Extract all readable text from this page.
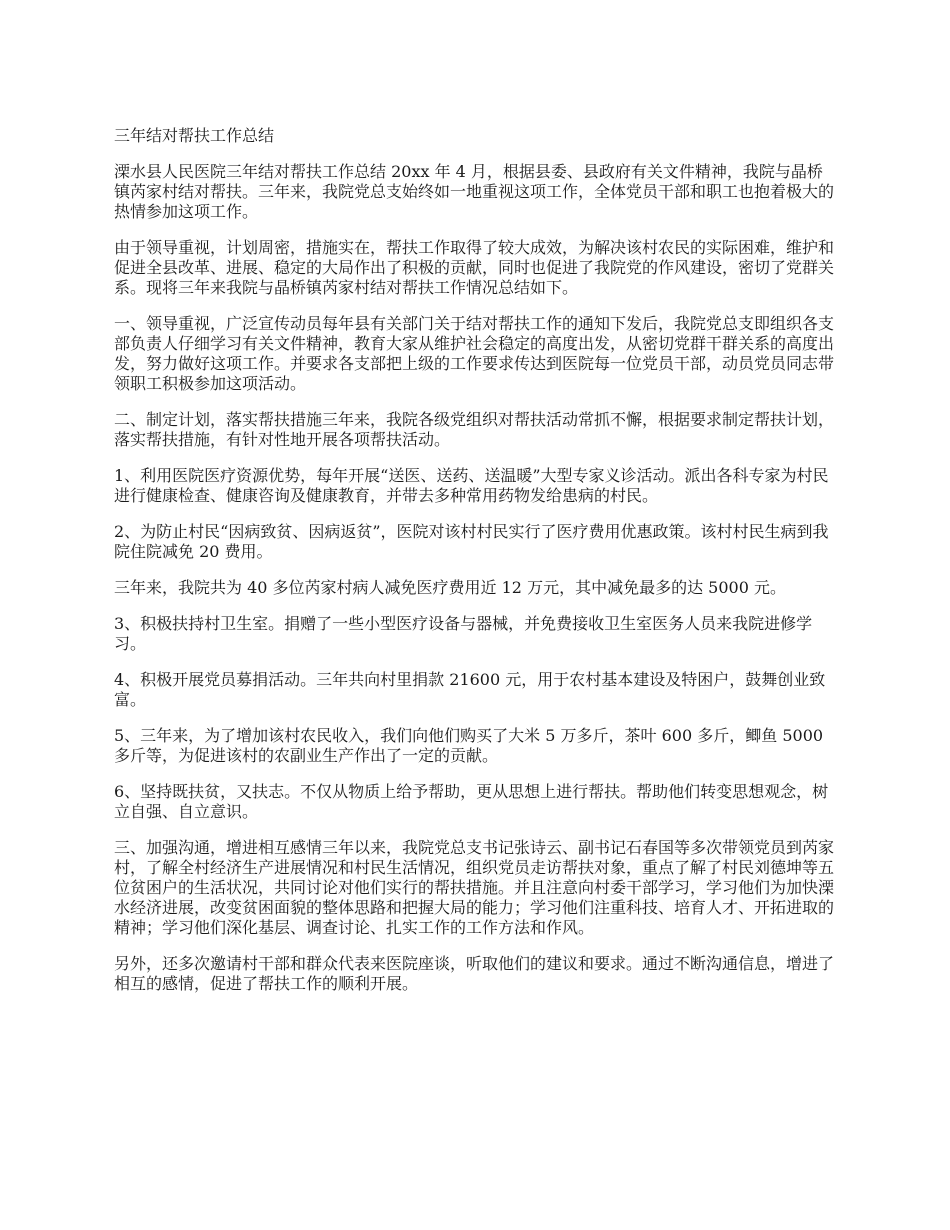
三年结对帮扶工作总结

溧水县人民医院三年结对帮扶工作总结 20xx 年 4 月，根据县委、县政府有关文件精神，我院与晶桥镇芮家村结对帮扶。三年来，我院党总支始终如一地重视这项工作，全体党员干部和职工也抱着极大的热情参加这项工作。

由于领导重视，计划周密，措施实在，帮扶工作取得了较大成效，为解决该村农民的实际困难，维护和促进全县改革、进展、稳定的大局作出了积极的贡献，同时也促进了我院党的作风建设，密切了党群关系。现将三年来我院与晶桥镇芮家村结对帮扶工作情况总结如下。

一、领导重视，广泛宣传动员每年县有关部门关于结对帮扶工作的通知下发后，我院党总支即组织各支部负责人仔细学习有关文件精神，教育大家从维护社会稳定的高度出发，从密切党群干群关系的高度出发，努力做好这项工作。并要求各支部把上级的工作要求传达到医院每一位党员干部，动员党员同志带领职工积极参加这项活动。

二、制定计划，落实帮扶措施三年来，我院各级党组织对帮扶活动常抓不懈，根据要求制定帮扶计划，落实帮扶措施，有针对性地开展各项帮扶活动。

1、利用医院医疗资源优势，每年开展“送医、送药、送温暖”大型专家义诊活动。派出各科专家为村民进行健康检查、健康咨询及健康教育，并带去多种常用药物发给患病的村民。

2、为防止村民“因病致贫、因病返贫”，医院对该村村民实行了医疗费用优惠政策。该村村民生病到我院住院减免 20 费用。

三年来，我院共为 40 多位芮家村病人减免医疗费用近 12 万元，其中减免最多的达 5000 元。

3、积极扶持村卫生室。捐赠了一些小型医疗设备与器械，并免费接收卫生室医务人员来我院进修学习。

4、积极开展党员募捐活动。三年共向村里捐款 21600 元，用于农村基本建设及特困户，鼓舞创业致富。

5、三年来，为了增加该村农民收入，我们向他们购买了大米 5 万多斤，茶叶 600 多斤，鲫鱼 5000 多斤等，为促进该村的农副业生产作出了一定的贡献。

6、坚持既扶贫，又扶志。不仅从物质上给予帮助，更从思想上进行帮扶。帮助他们转变思想观念，树立自强、自立意识。

三、加强沟通，增进相互感情三年以来，我院党总支书记张诗云、副书记石春国等多次带领党员到芮家村，了解全村经济生产进展情况和村民生活情况，组织党员走访帮扶对象，重点了解了村民刘德坤等五位贫困户的生活状况，共同讨论对他们实行的帮扶措施。并且注意向村委干部学习，学习他们为加快溧水经济进展，改变贫困面貌的整体思路和把握大局的能力；学习他们注重科技、培育人才、开拓进取的精神；学习他们深化基层、调查讨论、扎实工作的工作方法和作风。

另外，还多次邀请村干部和群众代表来医院座谈，听取他们的建议和要求。通过不断沟通信息，增进了相互的感情，促进了帮扶工作的顺利开展。
